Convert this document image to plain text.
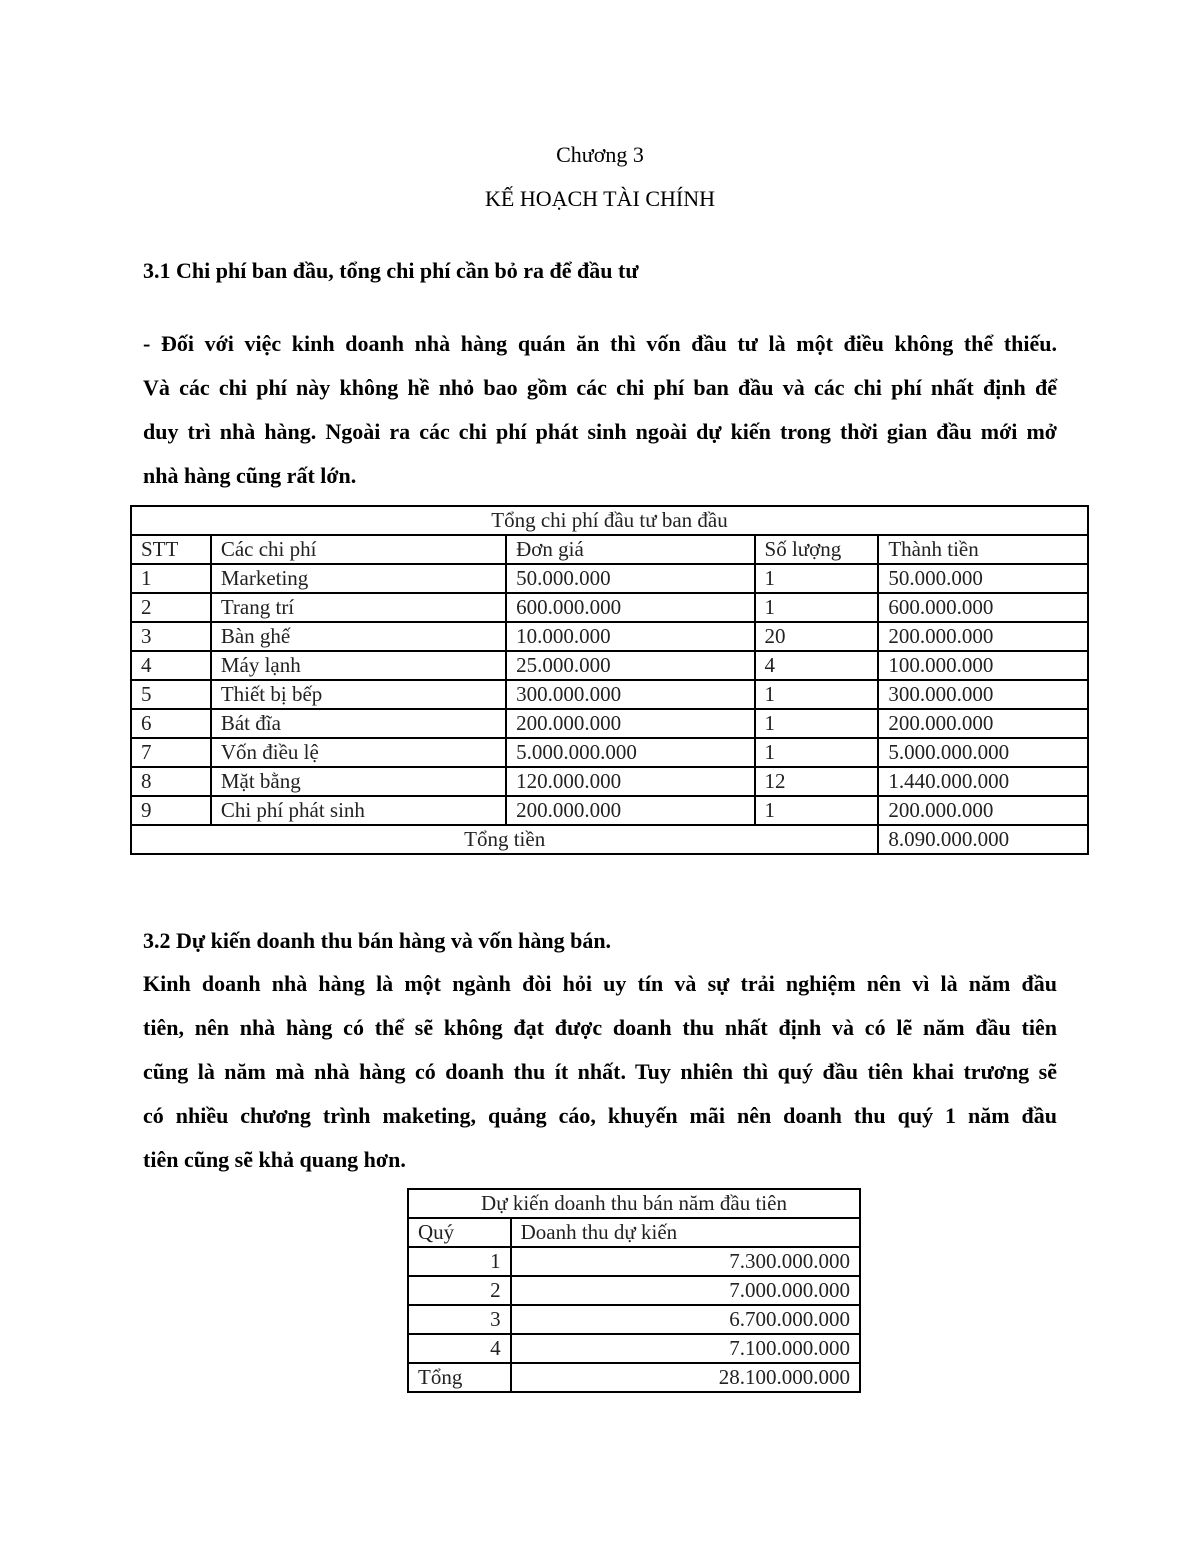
Chương 3
KẾ HOẠCH TÀI CHÍNH
3.1 Chi phí ban đầu, tổng chi phí cần bỏ ra để đầu tư
- Đối với việc kinh doanh nhà hàng quán ăn thì vốn đầu tư là một điều không thể thiếu.
Và các chi phí này không hề nhỏ bao gồm các chi phí ban đầu và các chi phí nhất định để
duy trì nhà hàng. Ngoài ra các chi phí phát sinh ngoài dự kiến trong thời gian đầu mới mở
nhà hàng cũng rất lớn.
Tổng chi phí đầu tư ban đầu				
STT	Các chi phí	Đơn giá	Số lượng	Thành tiền
1	Marketing	50.000.000	1	50.000.000
2	Trang trí	600.000.000	1	600.000.000
3	Bàn ghế	10.000.000	20	200.000.000
4	Máy lạnh	25.000.000	4	100.000.000
5	Thiết bị bếp	300.000.000	1	300.000.000
6	Bát đĩa	200.000.000	1	200.000.000
7	Vốn điều lệ	5.000.000.000	1	5.000.000.000
8	Mặt bằng	120.000.000	12	1.440.000.000
9	Chi phí phát sinh	200.000.000	1	200.000.000
Tổng tiền				8.090.000.000
3.2 Dự kiến doanh thu bán hàng và vốn hàng bán.
Kinh doanh nhà hàng là một ngành đòi hỏi uy tín và sự trải nghiệm nên vì là năm đầu
tiên, nên nhà hàng có thể sẽ không đạt được doanh thu nhất định và có lẽ năm đầu tiên
cũng là năm mà nhà hàng có doanh thu ít nhất. Tuy nhiên thì quý đầu tiên khai trương sẽ
có nhiều chương trình maketing, quảng cáo, khuyến mãi nên doanh thu quý 1 năm đầu
tiên cũng sẽ khả quang hơn.
Dự kiến doanh thu bán năm đầu tiên	
Quý	Doanh thu dự kiến
1	7.300.000.000
2	7.000.000.000
3	6.700.000.000
4	7.100.000.000
Tổng	28.100.000.000
